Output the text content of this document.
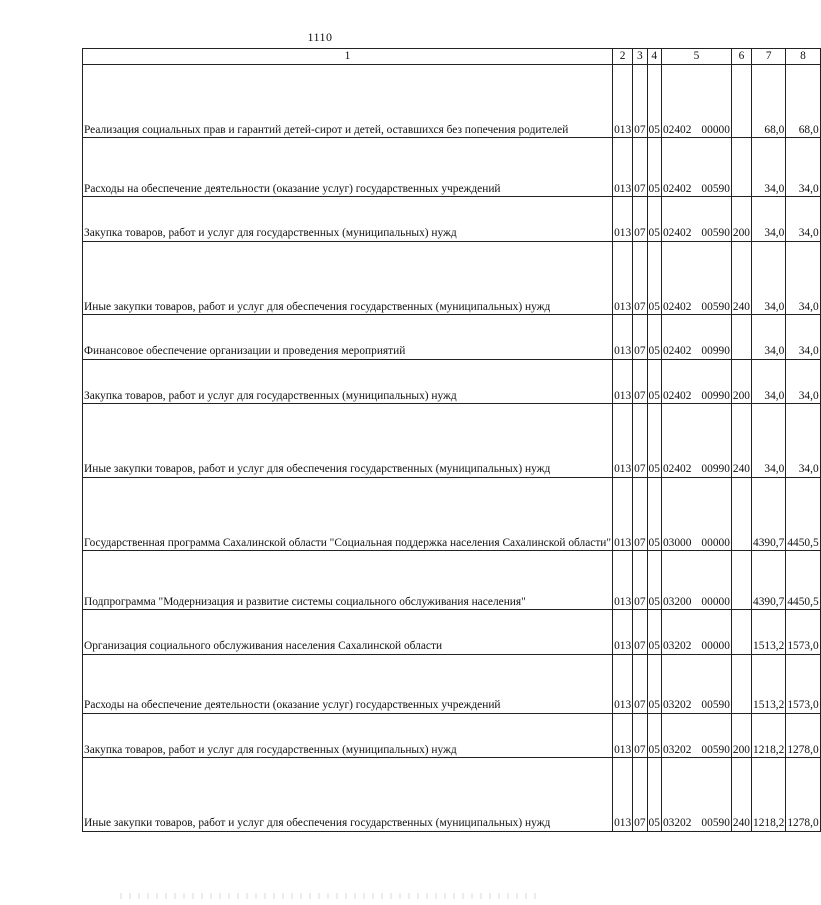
1110
1	2	3	4	5	6	7	8
Реализация социальных прав и гарантий детей-сирот и детей, оставшихся без попечения родителей	013	07	05	02402 00000		68,0	68,0
Расходы на обеспечение деятельности (оказание услуг) государственных учреждений	013	07	05	02402 00590		34,0	34,0
Закупка товаров, работ и услуг для государственных (муниципальных) нужд	013	07	05	02402 00590	200	34,0	34,0
Иные закупки товаров, работ и услуг для обеспечения государственных (муниципальных) нужд	013	07	05	02402 00590	240	34,0	34,0
Финансовое обеспечение организации и проведения мероприятий	013	07	05	02402 00990		34,0	34,0
Закупка товаров, работ и услуг для государственных (муниципальных) нужд	013	07	05	02402 00990	200	34,0	34,0
Иные закупки товаров, работ и услуг для обеспечения государственных (муниципальных) нужд	013	07	05	02402 00990	240	34,0	34,0
Государственная программа Сахалинской области "Социальная поддержка населения Сахалинской области"	013	07	05	03000 00000		4390,7	4450,5
Подпрограмма "Модернизация и развитие системы социального обслуживания населения"	013	07	05	03200 00000		4390,7	4450,5
Организация социального обслуживания населения Сахалинской области	013	07	05	03202 00000		1513,2	1573,0
Расходы на обеспечение деятельности (оказание услуг) государственных учреждений	013	07	05	03202 00590		1513,2	1573,0
Закупка товаров, работ и услуг для государственных (муниципальных) нужд	013	07	05	03202 00590	200	1218,2	1278,0
Иные закупки товаров, работ и услуг для обеспечения государственных (муниципальных) нужд	013	07	05	03202 00590	240	1218,2	1278,0
